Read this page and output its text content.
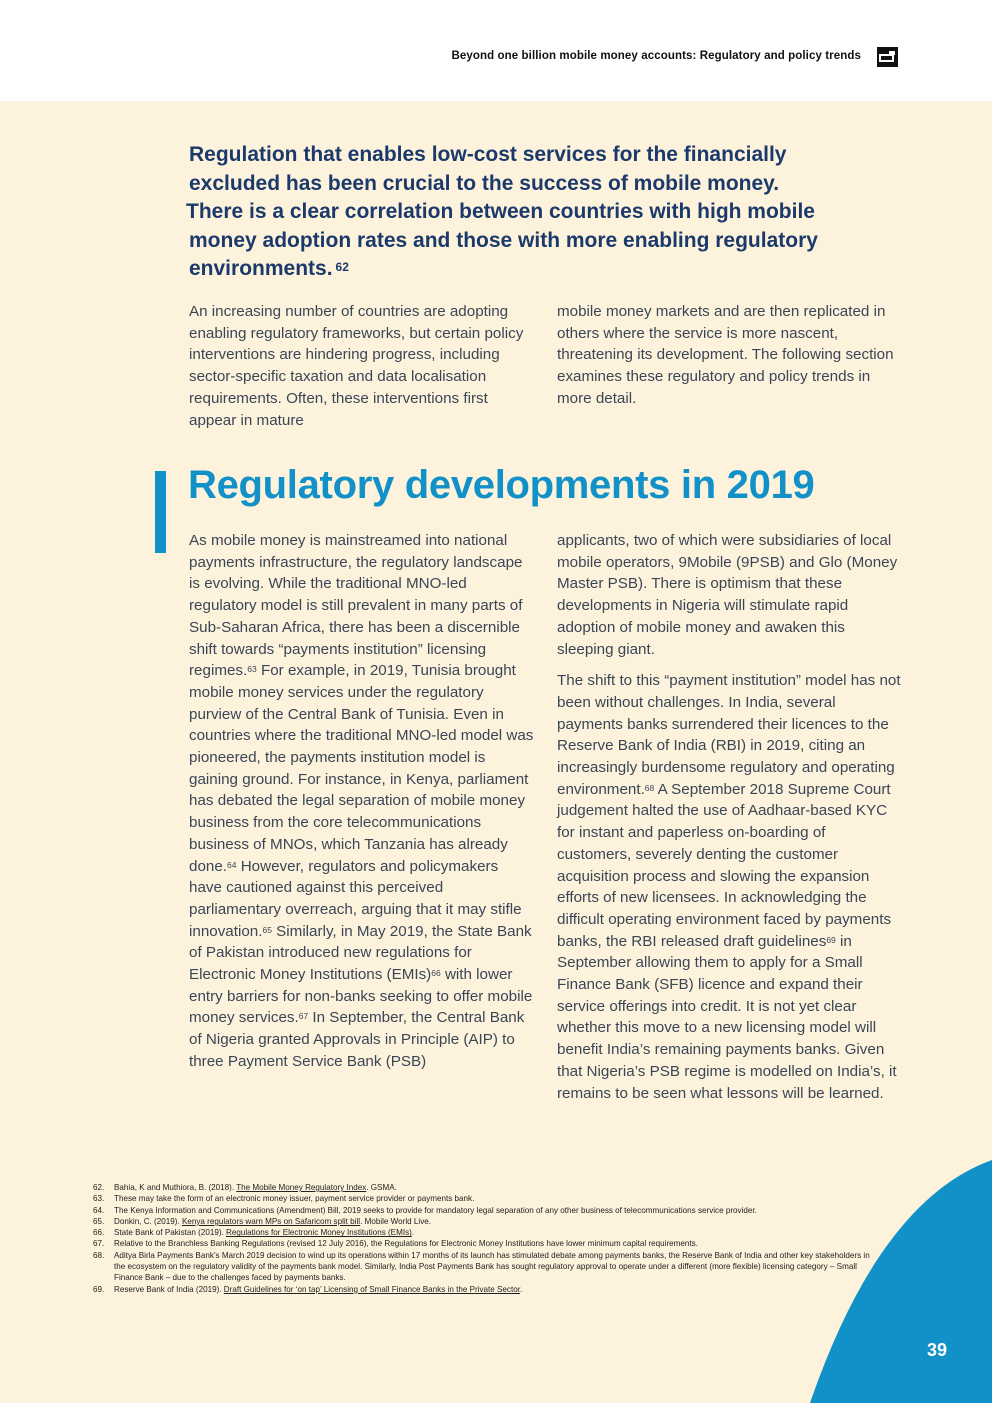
Beyond one billion mobile money accounts: Regulatory and policy trends
Regulation that enables low-cost services for the financially
excluded has been crucial to the success of mobile money.
There is a clear correlation between countries with high mobile
money adoption rates and those with more enabling regulatory
environments. $^{62}$

An increasing number of countries are adopting enabling regulatory frameworks, but certain policy interventions are hindering progress, including sector-specific taxation and data localisation requirements. Often, these interventions first appear in mature

mobile money markets and are then replicated in others where the service is more nascent, threatening its development. The following section examines these regulatory and policy trends in more detail.

Regulatory developments in 2019

As mobile money is mainstreamed into national payments infrastructure, the regulatory landscape is evolving. While the traditional MNO-led regulatory model is still prevalent in many parts of Sub-Saharan Africa, there has been a discernible shift towards “payments institution” licensing regimes.$^{63}$ For example, in 2019, Tunisia brought mobile money services under the regulatory purview of the Central Bank of Tunisia. Even in countries where the traditional MNO-led model was pioneered, the payments institution model is gaining ground. For instance, in Kenya, parliament has debated the legal separation of mobile money business from the core telecommunications business of MNOs, which Tanzania has already done.$^{64}$ However, regulators and policymakers have cautioned against this perceived parliamentary overreach, arguing that it may stifle innovation.$^{65}$ Similarly, in May 2019, the State Bank of Pakistan introduced new regulations for Electronic Money Institutions (EMIs)$^{66}$ with lower entry barriers for non-banks seeking to offer mobile money services.$^{67}$ In September, the Central Bank of Nigeria granted Approvals in Principle (AIP) to three Payment Service Bank (PSB)

applicants, two of which were subsidiaries of local mobile operators, 9Mobile (9PSB) and Glo (Money Master PSB). There is optimism that these developments in Nigeria will stimulate rapid adoption of mobile money and awaken this sleeping giant.

The shift to this “payment institution” model has not been without challenges. In India, several payments banks surrendered their licences to the Reserve Bank of India (RBI) in 2019, citing an increasingly burdensome regulatory and operating environment.$^{68}$ A September 2018 Supreme Court judgement halted the use of Aadhaar-based KYC for instant and paperless on-boarding of customers, severely denting the customer acquisition process and slowing the expansion efforts of new licensees. In acknowledging the difficult operating environment faced by payments banks, the RBI released draft guidelines$^{69}$ in September allowing them to apply for a Small Finance Bank (SFB) licence and expand their service offerings into credit. It is not yet clear whether this move to a new licensing model will benefit India’s remaining payments banks. Given that Nigeria’s PSB regime is modelled on India’s, it remains to be seen what lessons will be learned.

62.	Bahia, K and Muthiora, B. (2018). The Mobile Money Regulatory Index. GSMA.
63.	These may take the form of an electronic money issuer, payment service provider or payments bank.
64.	The Kenya Information and Communications (Amendment) Bill, 2019 seeks to provide for mandatory legal separation of any other business of telecommunications service provider.
65.	Donkin, C. (2019). Kenya regulators warn MPs on Safaricom split bill. Mobile World Live.
66.	State Bank of Pakistan (2019). Regulations for Electronic Money Institutions (EMIs).
67.	Relative to the Branchless Banking Regulations (revised 12 July 2016), the Regulations for Electronic Money Institutions have lower minimum capital requirements.
68.	Aditya Birla Payments Bank’s March 2019 decision to wind up its operations within 17 months of its launch has stimulated debate among payments banks, the Reserve Bank of India and other key stakeholders in the ecosystem on the regulatory validity of the payments bank model. Similarly, India Post Payments Bank has sought regulatory approval to operate under a different (more flexible) licensing category – Small Finance Bank – due to the challenges faced by payments banks.
69.	Reserve Bank of India (2019). Draft Guidelines for ‘on tap’ Licensing of Small Finance Banks in the Private Sector.
39
